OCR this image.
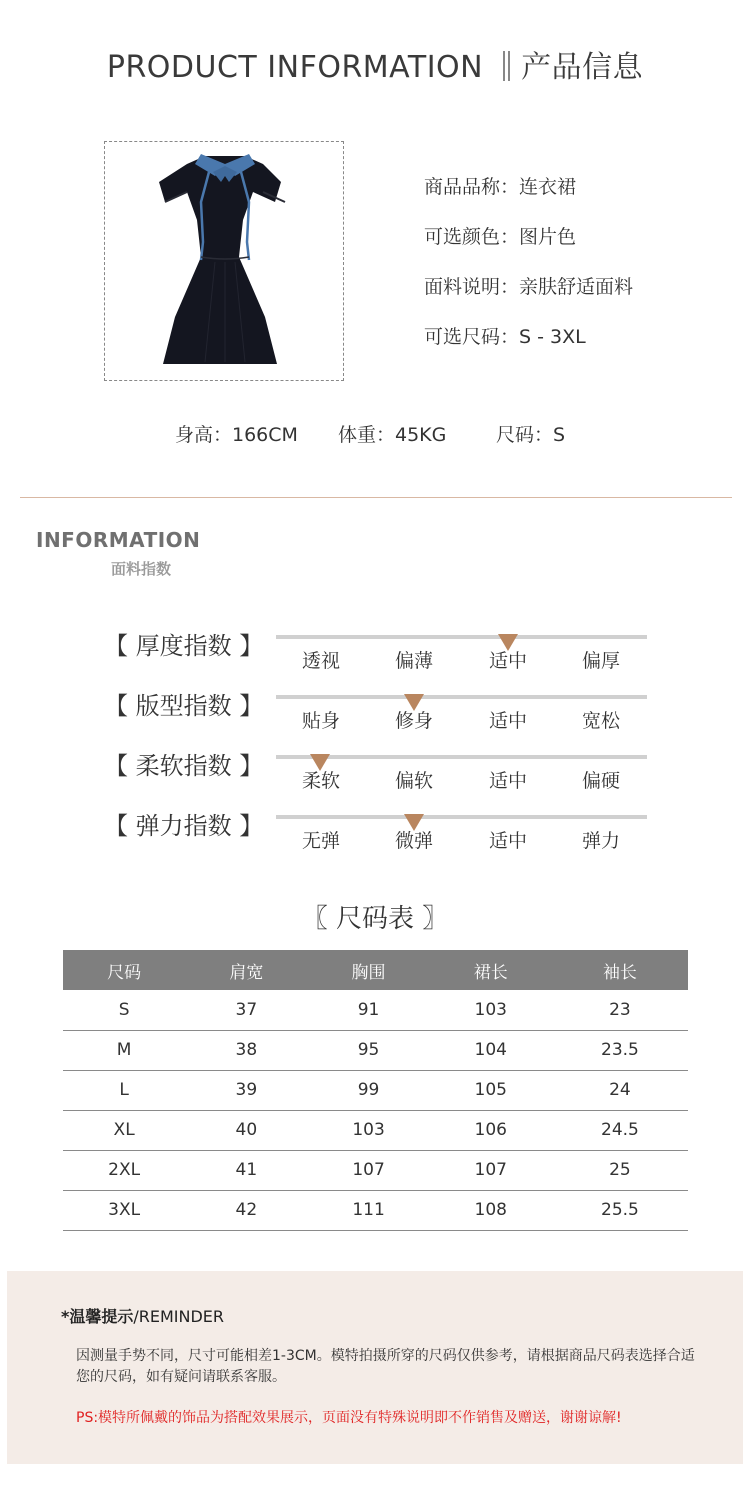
PRODUCT INFORMATION 产品信息
商品品称：连衣裙
可选颜色：图片色
面料说明：亲肤舒适面料
可选尺码：S - 3XL
身高：166CM 体重：45KG	尺码：S
INFORMATION
面料指数
【 厚度指数 】
透视	偏薄	适中	偏厚
【 版型指数 】
贴身	修身	适中	宽松
【 柔软指数 】
柔软	偏软	适中	偏硬
【 弹力指数 】
无弹	微弹	适中	弹力
〖 尺码表 〗
尺码	肩宽	胸围	裙长	袖长
S	37	91	103	23
M	38	95	104	23.5
L	39	99	105	24
XL	40	103	106	24.5
2XL	41	107	107	25
3XL	42	111	108	25.5
*温馨提示/REMINDER
因测量手势不同，尺寸可能相差1-3CM。模特拍摄所穿的尺码仅供参考，请根据商品尺码表选择合适您的尺码，如有疑问请联系客服。
PS:模特所佩戴的饰品为搭配效果展示，页面没有特殊说明即不作销售及赠送，谢谢谅解!
